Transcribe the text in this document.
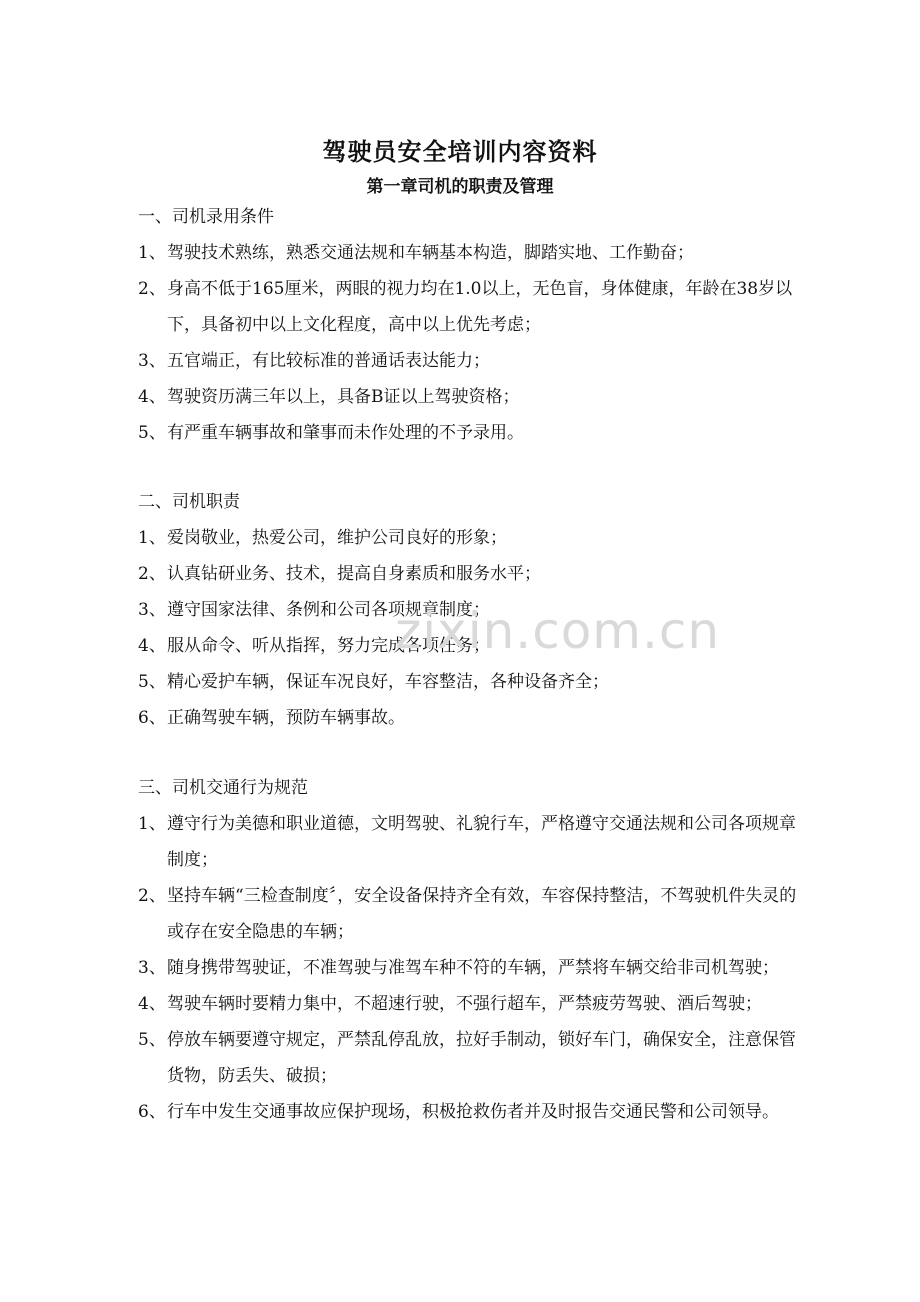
驾驶员安全培训内容资料
第一章司机的职责及管理
一、司机录用条件
1、 驾驶技术熟练，熟悉交通法规和车辆基本构造，脚踏实地、工作勤奋；
2、 身高不低于165厘米，两眼的视力均在1.0以上，无色盲，身体健康，年龄在38岁以下，具备初中以上文化程度，高中以上优先考虑；
3、 五官端正，有比较标准的普通话表达能力；
4、 驾驶资历满三年以上，具备B证以上驾驶资格；
5、 有严重车辆事故和肇事而未作处理的不予录用。
二、司机职责
1、 爱岗敬业，热爱公司，维护公司良好的形象；
2、 认真钻研业务、技术，提高自身素质和服务水平；
3、 遵守国家法律、条例和公司各项规章制度；
4、 服从命令、听从指挥，努力完成各项任务；
5、 精心爱护车辆，保证车况良好，车容整洁，各种设备齐全；
6、 正确驾驶车辆，预防车辆事故。
三、司机交通行为规范
1、 遵守行为美德和职业道德，文明驾驶、礼貌行车，严格遵守交通法规和公司各项规章制度；
2、 坚持车辆“三检查制度〞，安全设备保持齐全有效，车容保持整洁，不驾驶机件失灵的或存在安全隐患的车辆；
3、 随身携带驾驶证，不准驾驶与准驾车种不符的车辆，严禁将车辆交给非司机驾驶；
4、 驾驶车辆时要精力集中，不超速行驶，不强行超车，严禁疲劳驾驶、酒后驾驶；
5、 停放车辆要遵守规定，严禁乱停乱放，拉好手制动，锁好车门，确保安全，注意保管货物，防丢失、破损；
6、 行车中发生交通事故应保护现场，积极抢救伤者并及时报告交通民警和公司领导。
zixin.com.cn
